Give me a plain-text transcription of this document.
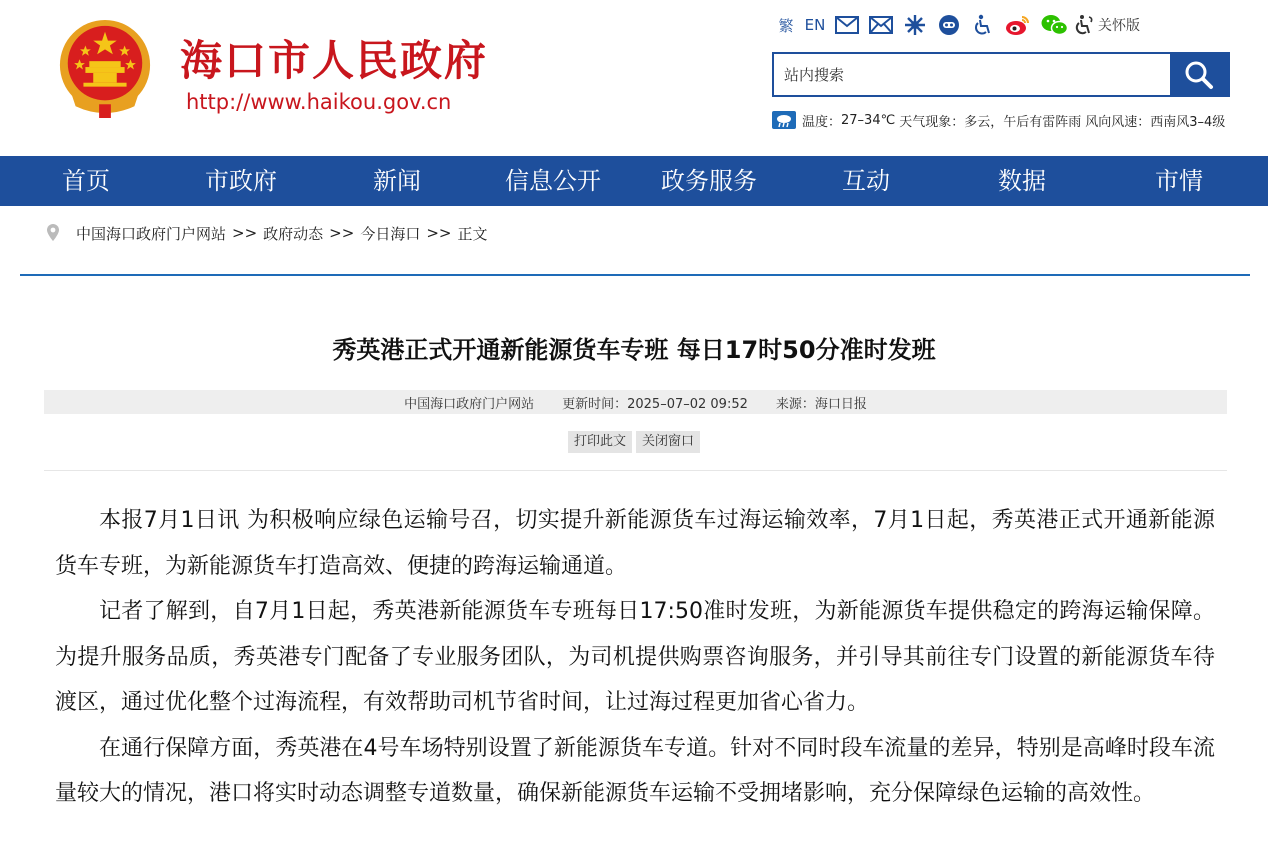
海口市人民政府
http://www.haikou.gov.cn
繁 EN	关怀版
站内搜索
温度： 27–34℃ 天气现象： 多云，午后有雷阵雨 风向风速： 西南风3–4级
首页	市政府	新闻	信息公开	政务服务	互动	数据	市情
中国海口政府门户网站 >> 政府动态 >> 今日海口 >> 正文
秀英港正式开通新能源货车专班 每日17时50分准时发班
中国海口政府门户网站 更新时间：2025–07–02 09:52 来源：海口日报
打印此文	关闭窗口

本报7月1日讯 为积极响应绿色运输号召，切实提升新能源货车过海运输效率，7月1日起，秀英港正式开通新能源货车专班，为新能源货车打造高效、便捷的跨海运输通道。

记者了解到，自7月1日起，秀英港新能源货车专班每日17:50准时发班，为新能源货车提供稳定的跨海运输保障。为提升服务品质，秀英港专门配备了专业服务团队，为司机提供购票咨询服务，并引导其前往专门设置的新能源货车待渡区，通过优化整个过海流程，有效帮助司机节省时间，让过海过程更加省心省力。

在通行保障方面，秀英港在4号车场特别设置了新能源货车专道。针对不同时段车流量的差异，特别是高峰时段车流量较大的情况，港口将实时动态调整专道数量，确保新能源货车运输不受拥堵影响，充分保障绿色运输的高效性。
